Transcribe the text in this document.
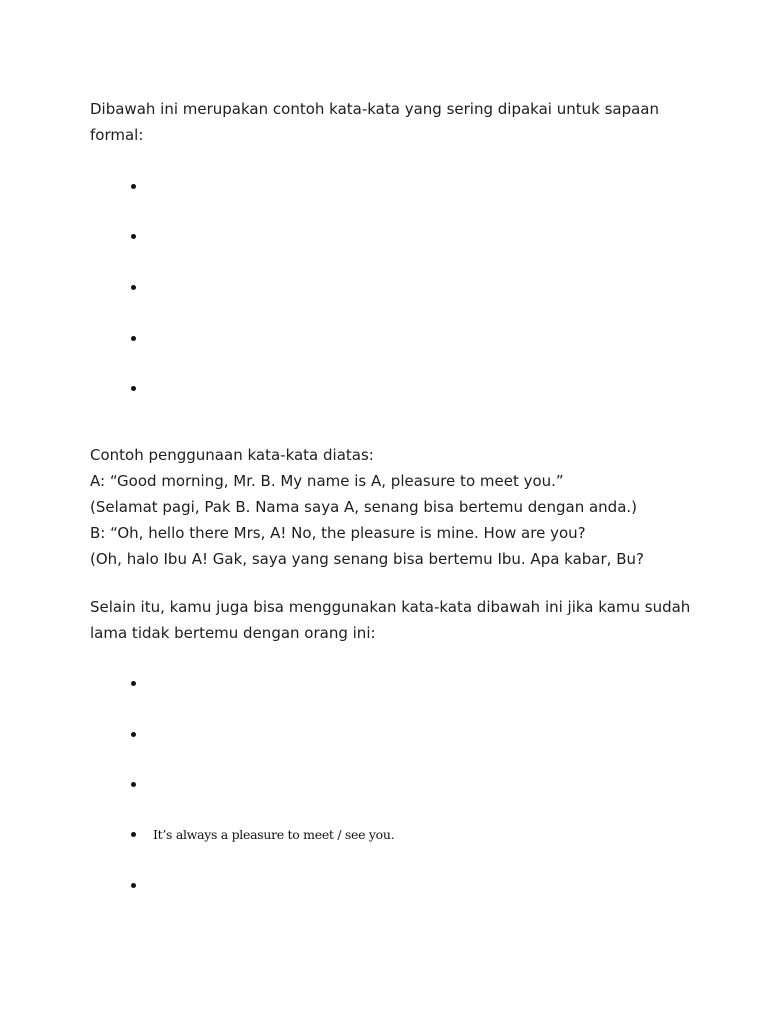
Dibawah ini merupakan contoh kata-kata yang sering dipakai untuk sapaan
formal:

Contoh penggunaan kata-kata diatas:
A: “Good morning, Mr. B. My name is A, pleasure to meet you.”
(Selamat pagi, Pak B. Nama saya A, senang bisa bertemu dengan anda.)
B: “Oh, hello there Mrs, A! No, the pleasure is mine. How are you?
(Oh, halo Ibu A! Gak, saya yang senang bisa bertemu Ibu. Apa kabar, Bu?

Selain itu, kamu juga bisa menggunakan kata-kata dibawah ini jika kamu sudah
lama tidak bertemu dengan orang ini:

It’s always a pleasure to meet / see you.
